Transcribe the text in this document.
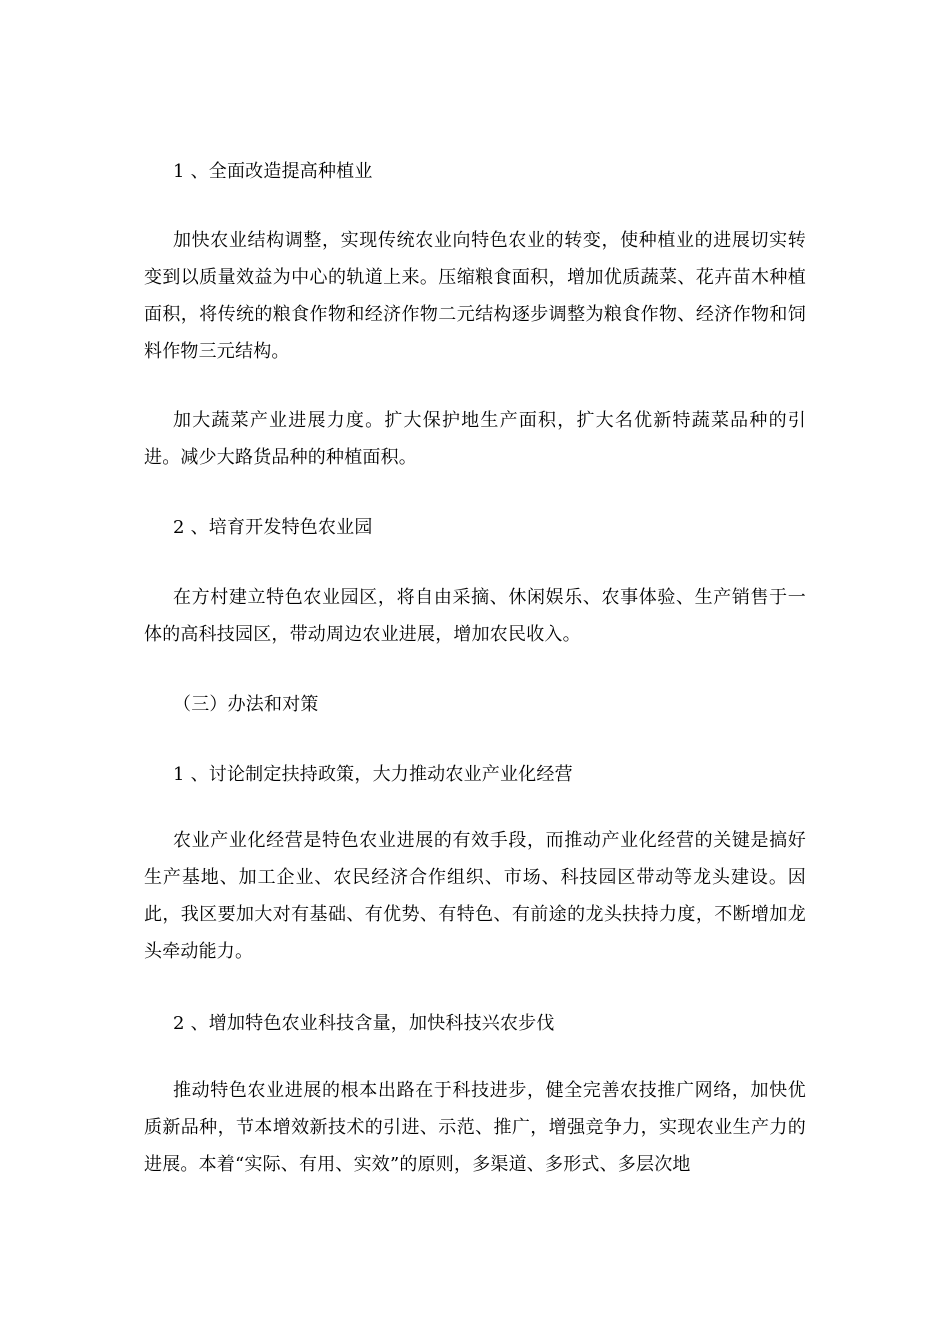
1 、全面改造提高种植业

加快农业结构调整，实现传统农业向特色农业的转变，使种植业的进展切实转变到以质量效益为中心的轨道上来。压缩粮食面积，增加优质蔬菜、花卉苗木种植面积，将传统的粮食作物和经济作物二元结构逐步调整为粮食作物、经济作物和饲料作物三元结构。

加大蔬菜产业进展力度。扩大保护地生产面积，扩大名优新特蔬菜品种的引进。减少大路货品种的种植面积。

2 、培育开发特色农业园

在方村建立特色农业园区，将自由采摘、休闲娱乐、农事体验、生产销售于一体的高科技园区，带动周边农业进展，增加农民收入。

（三）办法和对策

1 、讨论制定扶持政策，大力推动农业产业化经营

农业产业化经营是特色农业进展的有效手段，而推动产业化经营的关键是搞好生产基地、加工企业、农民经济合作组织、市场、科技园区带动等龙头建设。因此，我区要加大对有基础、有优势、有特色、有前途的龙头扶持力度，不断增加龙头牵动能力。

2 、增加特色农业科技含量，加快科技兴农步伐

推动特色农业进展的根本出路在于科技进步，健全完善农技推广网络，加快优质新品种，节本增效新技术的引进、示范、推广，增强竞争力，实现农业生产力的进展。本着“实际、有用、实效”的原则，多渠道、多形式、多层次地
